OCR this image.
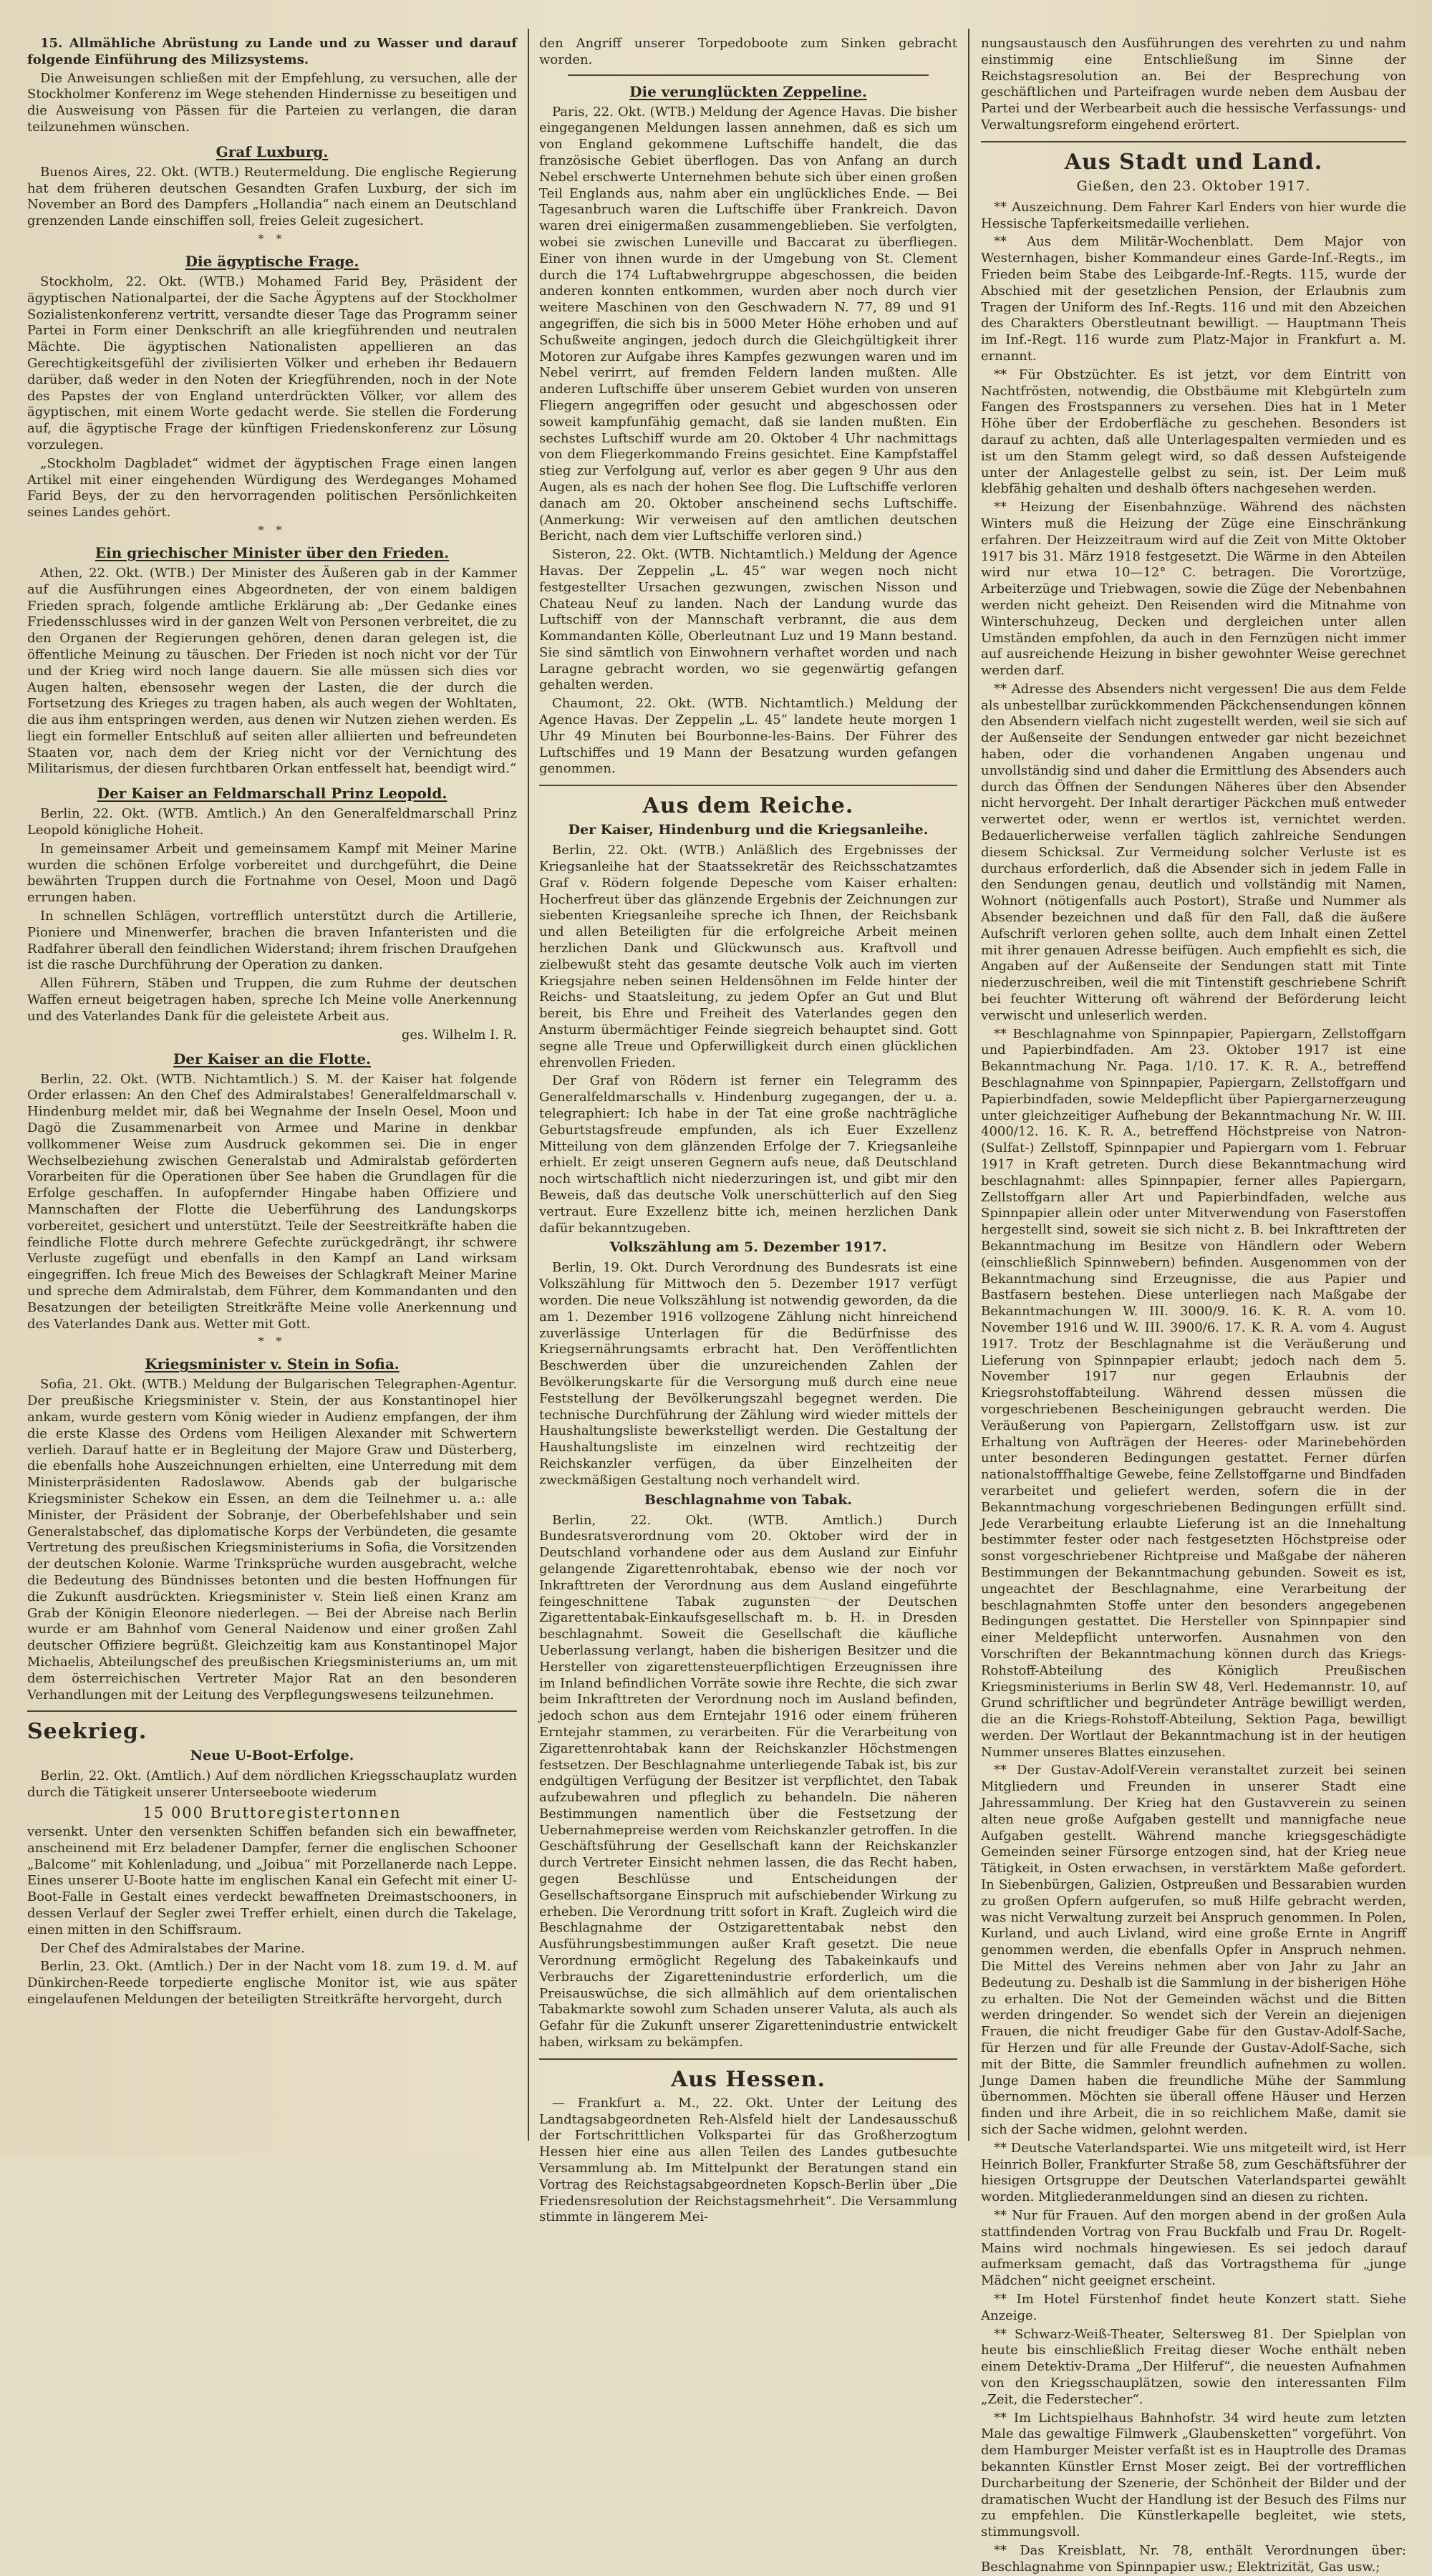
15. Allmähliche Abrüstung zu Lande und zu Wasser und darauf folgende Einführung des Milizsystems.

Die Anweisungen schließen mit der Empfehlung, zu versuchen, alle der Stockholmer Konferenz im Wege stehenden Hindernisse zu beseitigen und die Ausweisung von Pässen für die Parteien zu verlangen, die daran teilzunehmen wünschen.

Graf Luxburg.

Buenos Aires, 22. Okt. (WTB.) Reutermeldung. Die englische Regierung hat dem früheren deutschen Gesandten Grafen Luxburg, der sich im November an Bord des Dampfers „Hollandia“ nach einem an Deutschland grenzenden Lande einschiffen soll, freies Geleit zugesichert.

* *
Die ägyptische Frage.

Stockholm, 22. Okt. (WTB.) Mohamed Farid Bey, Präsident der ägyptischen Nationalpartei, der die Sache Ägyptens auf der Stockholmer Sozialistenkonferenz vertritt, versandte dieser Tage das Programm seiner Partei in Form einer Denkschrift an alle kriegführenden und neutralen Mächte. Die ägyptischen Nationalisten appellieren an das Gerechtigkeitsgefühl der zivilisierten Völker und erheben ihr Bedauern darüber, daß weder in den Noten der Kriegführenden, noch in der Note des Papstes der von England unterdrückten Völker, vor allem des ägyptischen, mit einem Worte gedacht werde. Sie stellen die Forderung auf, die ägyptische Frage der künftigen Friedenskonferenz zur Lösung vorzulegen.

„Stockholm Dagbladet“ widmet der ägyptischen Frage einen langen Artikel mit einer eingehenden Würdigung des Werdeganges Mohamed Farid Beys, der zu den hervorragenden politischen Persönlichkeiten seines Landes gehört.

* *
Ein griechischer Minister über den Frieden.

Athen, 22. Okt. (WTB.) Der Minister des Äußeren gab in der Kammer auf die Ausführungen eines Abgeordneten, der von einem baldigen Frieden sprach, folgende amtliche Erklärung ab: „Der Gedanke eines Friedensschlusses wird in der ganzen Welt von Personen verbreitet, die zu den Organen der Regierungen gehören, denen daran gelegen ist, die öffentliche Meinung zu täuschen. Der Frieden ist noch nicht vor der Tür und der Krieg wird noch lange dauern. Sie alle müssen sich dies vor Augen halten, ebensosehr wegen der Lasten, die der durch die Fortsetzung des Krieges zu tragen haben, als auch wegen der Wohltaten, die aus ihm entspringen werden, aus denen wir Nutzen ziehen werden. Es liegt ein formeller Entschluß auf seiten aller alliierten und befreundeten Staaten vor, nach dem der Krieg nicht vor der Vernichtung des Militarismus, der diesen furchtbaren Orkan entfesselt hat, beendigt wird.“

Der Kaiser an Feldmarschall Prinz Leopold.

Berlin, 22. Okt. (WTB. Amtlich.) An den Generalfeldmarschall Prinz Leopold königliche Hoheit.

In gemeinsamer Arbeit und gemeinsamem Kampf mit Meiner Marine wurden die schönen Erfolge vorbereitet und durchgeführt, die Deine bewährten Truppen durch die Fortnahme von Oesel, Moon und Dagö errungen haben.

In schnellen Schlägen, vortrefflich unterstützt durch die Artillerie, Pioniere und Minenwerfer, brachen die braven Infanteristen und die Radfahrer überall den feindlichen Widerstand; ihrem frischen Draufgehen ist die rasche Durchführung der Operation zu danken.

Allen Führern, Stäben und Truppen, die zum Ruhme der deutschen Waffen erneut beigetragen haben, spreche Ich Meine volle Anerkennung und des Vaterlandes Dank für die geleistete Arbeit aus.

ges. Wilhelm I. R.
Der Kaiser an die Flotte.

Berlin, 22. Okt. (WTB. Nichtamtlich.) S. M. der Kaiser hat folgende Order erlassen: An den Chef des Admiralstabes! Generalfeldmarschall v. Hindenburg meldet mir, daß bei Wegnahme der Inseln Oesel, Moon und Dagö die Zusammenarbeit von Armee und Marine in denkbar vollkommener Weise zum Ausdruck gekommen sei. Die in enger Wechselbeziehung zwischen Generalstab und Admiralstab geförderten Vorarbeiten für die Operationen über See haben die Grundlagen für die Erfolge geschaffen. In aufopfernder Hingabe haben Offiziere und Mannschaften der Flotte die Ueberführung des Landungskorps vorbereitet, gesichert und unterstützt. Teile der Seestreitkräfte haben die feindliche Flotte durch mehrere Gefechte zurückgedrängt, ihr schwere Verluste zugefügt und ebenfalls in den Kampf an Land wirksam eingegriffen. Ich freue Mich des Beweises der Schlagkraft Meiner Marine und spreche dem Admiralstab, dem Führer, dem Kommandanten und den Besatzungen der beteiligten Streitkräfte Meine volle Anerkennung und des Vaterlandes Dank aus. Wetter mit Gott.

* *
Kriegsminister v. Stein in Sofia.

Sofia, 21. Okt. (WTB.) Meldung der Bulgarischen Telegraphen-Agentur. Der preußische Kriegsminister v. Stein, der aus Konstantinopel hier ankam, wurde gestern vom König wieder in Audienz empfangen, der ihm die erste Klasse des Ordens vom Heiligen Alexander mit Schwertern verlieh. Darauf hatte er in Begleitung der Majore Graw und Düsterberg, die ebenfalls hohe Auszeichnungen erhielten, eine Unterredung mit dem Ministerpräsidenten Radoslawow. Abends gab der bulgarische Kriegsminister Schekow ein Essen, an dem die Teilnehmer u. a.: alle Minister, der Präsident der Sobranje, der Oberbefehlshaber und sein Generalstabschef, das diplomatische Korps der Verbündeten, die gesamte Vertretung des preußischen Kriegsministeriums in Sofia, die Vorsitzenden der deutschen Kolonie. Warme Trinksprüche wurden ausgebracht, welche die Bedeutung des Bündnisses betonten und die besten Hoffnungen für die Zukunft ausdrückten. Kriegsminister v. Stein ließ einen Kranz am Grab der Königin Eleonore niederlegen. — Bei der Abreise nach Berlin wurde er am Bahnhof vom General Naidenow und einer großen Zahl deutscher Offiziere begrüßt. Gleichzeitig kam aus Konstantinopel Major Michaelis, Abteilungschef des preußischen Kriegsministeriums an, um mit dem österreichischen Vertreter Major Rat an den besonderen Verhandlungen mit der Leitung des Verpflegungswesens teilzunehmen.

Seekrieg.
Neue U-Boot-Erfolge.

Berlin, 22. Okt. (Amtlich.) Auf dem nördlichen Kriegsschauplatz wurden durch die Tätigkeit unserer Unterseeboote wiederum

15 000 Bruttoregistertonnen

versenkt. Unter den versenkten Schiffen befanden sich ein bewaffneter, anscheinend mit Erz beladener Dampfer, ferner die englischen Schooner „Balcome“ mit Kohlenladung, und „Joibua“ mit Porzellanerde nach Leppe. Eines unserer U-Boote hatte im englischen Kanal ein Gefecht mit einer U-Boot-Falle in Gestalt eines verdeckt bewaffneten Dreimastschooners, in dessen Verlauf der Segler zwei Treffer erhielt, einen durch die Takelage, einen mitten in den Schiffsraum.

Der Chef des Admiralstabes der Marine.

Berlin, 23. Okt. (Amtlich.) Der in der Nacht vom 18. zum 19. d. M. auf Dünkirchen-Reede torpedierte englische Monitor ist, wie aus später eingelaufenen Meldungen der beteiligten Streitkräfte hervorgeht, durch

den Angriff unserer Torpedoboote zum Sinken gebracht worden.

Die verunglückten Zeppeline.

Paris, 22. Okt. (WTB.) Meldung der Agence Havas. Die bisher eingegangenen Meldungen lassen annehmen, daß es sich um von England gekommene Luftschiffe handelt, die das französische Gebiet überflogen. Das von Anfang an durch Nebel erschwerte Unternehmen behute sich über einen großen Teil Englands aus, nahm aber ein unglückliches Ende. — Bei Tagesanbruch waren die Luftschiffe über Frankreich. Davon waren drei einigermaßen zusammengeblieben. Sie verfolgten, wobei sie zwischen Luneville und Baccarat zu überfliegen. Einer von ihnen wurde in der Umgebung von St. Clement durch die 174 Luftabwehrgruppe abgeschossen, die beiden anderen konnten entkommen, wurden aber noch durch vier weitere Maschinen von den Geschwadern N. 77, 89 und 91 angegriffen, die sich bis in 5000 Meter Höhe erhoben und auf Schußweite angingen, jedoch durch die Gleichgültigkeit ihrer Motoren zur Aufgabe ihres Kampfes gezwungen waren und im Nebel verirrt, auf fremden Feldern landen mußten. Alle anderen Luftschiffe über unserem Gebiet wurden von unseren Fliegern angegriffen oder gesucht und abgeschossen oder soweit kampfunfähig gemacht, daß sie landen mußten. Ein sechstes Luftschiff wurde am 20. Oktober 4 Uhr nachmittags von dem Fliegerkommando Freins gesichtet. Eine Kampfstaffel stieg zur Verfolgung auf, verlor es aber gegen 9 Uhr aus den Augen, als es nach der hohen See flog. Die Luftschiffe verloren danach am 20. Oktober anscheinend sechs Luftschiffe. (Anmerkung: Wir verweisen auf den amtlichen deutschen Bericht, nach dem vier Luftschiffe verloren sind.)

Sisteron, 22. Okt. (WTB. Nichtamtlich.) Meldung der Agence Havas. Der Zeppelin „L. 45“ war wegen noch nicht festgestellter Ursachen gezwungen, zwischen Nisson und Chateau Neuf zu landen. Nach der Landung wurde das Luftschiff von der Mannschaft verbrannt, die aus dem Kommandanten Kölle, Oberleutnant Luz und 19 Mann bestand. Sie sind sämtlich von Einwohnern verhaftet worden und nach Laragne gebracht worden, wo sie gegenwärtig gefangen gehalten werden.

Chaumont, 22. Okt. (WTB. Nichtamtlich.) Meldung der Agence Havas. Der Zeppelin „L. 45“ landete heute morgen 1 Uhr 49 Minuten bei Bourbonne-les-Bains. Der Führer des Luftschiffes und 19 Mann der Besatzung wurden gefangen genommen.

Aus dem Reiche.
Der Kaiser, Hindenburg und die Kriegsanleihe.

Berlin, 22. Okt. (WTB.) Anläßlich des Ergebnisses der Kriegsanleihe hat der Staatssekretär des Reichsschatzamtes Graf v. Rödern folgende Depesche vom Kaiser erhalten: Hocherfreut über das glänzende Ergebnis der Zeichnungen zur siebenten Kriegsanleihe spreche ich Ihnen, der Reichsbank und allen Beteiligten für die erfolgreiche Arbeit meinen herzlichen Dank und Glückwunsch aus. Kraftvoll und zielbewußt steht das gesamte deutsche Volk auch im vierten Kriegsjahre neben seinen Heldensöhnen im Felde hinter der Reichs- und Staatsleitung, zu jedem Opfer an Gut und Blut bereit, bis Ehre und Freiheit des Vaterlandes gegen den Ansturm übermächtiger Feinde siegreich behauptet sind. Gott segne alle Treue und Opferwilligkeit durch einen glücklichen ehrenvollen Frieden.

Der Graf von Rödern ist ferner ein Telegramm des Generalfeldmarschalls v. Hindenburg zugegangen, der u. a. telegraphiert: Ich habe in der Tat eine große nachträgliche Geburtstagsfreude empfunden, als ich Euer Exzellenz Mitteilung von dem glänzenden Erfolge der 7. Kriegsanleihe erhielt. Er zeigt unseren Gegnern aufs neue, daß Deutschland noch wirtschaftlich nicht niederzuringen ist, und gibt mir den Beweis, daß das deutsche Volk unerschütterlich auf den Sieg vertraut. Eure Exzellenz bitte ich, meinen herzlichen Dank dafür bekanntzugeben.

Volkszählung am 5. Dezember 1917.

Berlin, 19. Okt. Durch Verordnung des Bundesrats ist eine Volkszählung für Mittwoch den 5. Dezember 1917 verfügt worden. Die neue Volkszählung ist notwendig geworden, da die am 1. Dezember 1916 vollzogene Zählung nicht hinreichend zuverlässige Unterlagen für die Bedürfnisse des Kriegsernährungsamts erbracht hat. Den Veröffentlichten Beschwerden über die unzureichenden Zahlen der Bevölkerungskarte für die Versorgung muß durch eine neue Feststellung der Bevölkerungszahl begegnet werden. Die technische Durchführung der Zählung wird wieder mittels der Haushaltungsliste bewerkstelligt werden. Die Gestaltung der Haushaltungsliste im einzelnen wird rechtzeitig der Reichskanzler verfügen, da über Einzelheiten der zweckmäßigen Gestaltung noch verhandelt wird.

Beschlagnahme von Tabak.

Berlin, 22. Okt. (WTB. Amtlich.) Durch Bundesratsverordnung vom 20. Oktober wird der in Deutschland vorhandene oder aus dem Ausland zur Einfuhr gelangende Zigarettenrohtabak, ebenso wie der noch vor Inkrafttreten der Verordnung aus dem Ausland eingeführte feingeschnittene Tabak zugunsten der Deutschen Zigarettentabak-Einkaufsgesellschaft m. b. H. in Dresden beschlagnahmt. Soweit die Gesellschaft die käufliche Ueberlassung verlangt, haben die bisherigen Besitzer und die Hersteller von zigarettensteuerpflichtigen Erzeugnissen ihre im Inland befindlichen Vorräte sowie ihre Rechte, die sich zwar beim Inkrafttreten der Verordnung noch im Ausland befinden, jedoch schon aus dem Erntejahr 1916 oder einem früheren Erntejahr stammen, zu verarbeiten. Für die Verarbeitung von Zigarettenrohtabak kann der Reichskanzler Höchstmengen festsetzen. Der Beschlagnahme unterliegende Tabak ist, bis zur endgültigen Verfügung der Besitzer ist verpflichtet, den Tabak aufzubewahren und pfleglich zu behandeln. Die näheren Bestimmungen namentlich über die Festsetzung der Uebernahmepreise werden vom Reichskanzler getroffen. In die Geschäftsführung der Gesellschaft kann der Reichskanzler durch Vertreter Einsicht nehmen lassen, die das Recht haben, gegen Beschlüsse und Entscheidungen der Gesellschaftsorgane Einspruch mit aufschiebender Wirkung zu erheben. Die Verordnung tritt sofort in Kraft. Zugleich wird die Beschlagnahme der Ostzigarettentabak nebst den Ausführungsbestimmungen außer Kraft gesetzt. Die neue Verordnung ermöglicht Regelung des Tabakeinkaufs und Verbrauchs der Zigarettenindustrie erforderlich, um die Preisauswüchse, die sich allmählich auf dem orientalischen Tabakmarkte sowohl zum Schaden unserer Valuta, als auch als Gefahr für die Zukunft unserer Zigarettenindustrie entwickelt haben, wirksam zu bekämpfen.

Aus Hessen.

— Frankfurt a. M., 22. Okt. Unter der Leitung des Landtagsabgeordneten Reh-Alsfeld hielt der Landesausschuß der Fortschrittlichen Volkspartei für das Großherzogtum Hessen hier eine aus allen Teilen des Landes gutbesuchte Versammlung ab. Im Mittelpunkt der Beratungen stand ein Vortrag des Reichstagsabgeordneten Kopsch-Berlin über „Die Friedensresolution der Reichstagsmehrheit“. Die Versammlung stimmte in längerem Mei-

nungsaustausch den Ausführungen des verehrten zu und nahm einstimmig eine Entschließung im Sinne der Reichstagsresolution an. Bei der Besprechung von geschäftlichen und Parteifragen wurde neben dem Ausbau der Partei und der Werbearbeit auch die hessische Verfassungs- und Verwaltungsreform eingehend erörtert.

Aus Stadt und Land.
Gießen, den 23. Oktober 1917.

** Auszeichnung. Dem Fahrer Karl Enders von hier wurde die Hessische Tapferkeitsmedaille verliehen.

** Aus dem Militär-Wochenblatt. Dem Major von Westernhagen, bisher Kommandeur eines Garde-Inf.-Regts., im Frieden beim Stabe des Leibgarde-Inf.-Regts. 115, wurde der Abschied mit der gesetzlichen Pension, der Erlaubnis zum Tragen der Uniform des Inf.-Regts. 116 und mit den Abzeichen des Charakters Oberstleutnant bewilligt. — Hauptmann Theis im Inf.-Regt. 116 wurde zum Platz-Major in Frankfurt a. M. ernannt.

** Für Obstzüchter. Es ist jetzt, vor dem Eintritt von Nachtfrösten, notwendig, die Obstbäume mit Klebgürteln zum Fangen des Frostspanners zu versehen. Dies hat in 1 Meter Höhe über der Erdoberfläche zu geschehen. Besonders ist darauf zu achten, daß alle Unterlagespalten vermieden und es ist um den Stamm gelegt wird, so daß dessen Aufsteigende unter der Anlagestelle gelbst zu sein, ist. Der Leim muß klebfähig gehalten und deshalb öfters nachgesehen werden.

** Heizung der Eisenbahnzüge. Während des nächsten Winters muß die Heizung der Züge eine Einschränkung erfahren. Der Heizzeitraum wird auf die Zeit von Mitte Oktober 1917 bis 31. März 1918 festgesetzt. Die Wärme in den Abteilen wird nur etwa 10—12° C. betragen. Die Vorortzüge, Arbeiterzüge und Triebwagen, sowie die Züge der Nebenbahnen werden nicht geheizt. Den Reisenden wird die Mitnahme von Winterschuhzeug, Decken und dergleichen unter allen Umständen empfohlen, da auch in den Fernzügen nicht immer auf ausreichende Heizung in bisher gewohnter Weise gerechnet werden darf.

** Adresse des Absenders nicht vergessen! Die aus dem Felde als unbestellbar zurückkommenden Päckchensendungen können den Absendern vielfach nicht zugestellt werden, weil sie sich auf der Außenseite der Sendungen entweder gar nicht bezeichnet haben, oder die vorhandenen Angaben ungenau und unvollständig sind und daher die Ermittlung des Absenders auch durch das Öffnen der Sendungen Näheres über den Absender nicht hervorgeht. Der Inhalt derartiger Päckchen muß entweder verwertet oder, wenn er wertlos ist, vernichtet werden. Bedauerlicherweise verfallen täglich zahlreiche Sendungen diesem Schicksal. Zur Vermeidung solcher Verluste ist es durchaus erforderlich, daß die Absender sich in jedem Falle in den Sendungen genau, deutlich und vollständig mit Namen, Wohnort (nötigenfalls auch Postort), Straße und Nummer als Absender bezeichnen und daß für den Fall, daß die äußere Aufschrift verloren gehen sollte, auch dem Inhalt einen Zettel mit ihrer genauen Adresse beifügen. Auch empfiehlt es sich, die Angaben auf der Außenseite der Sendungen statt mit Tinte niederzuschreiben, weil die mit Tintenstift geschriebene Schrift bei feuchter Witterung oft während der Beförderung leicht verwischt und unleserlich werden.

** Beschlagnahme von Spinnpapier, Papiergarn, Zellstoffgarn und Papierbindfaden. Am 23. Oktober 1917 ist eine Bekanntmachung Nr. Paga. 1/10. 17. K. R. A., betreffend Beschlagnahme von Spinnpapier, Papiergarn, Zellstoffgarn und Papierbindfaden, sowie Meldepflicht über Papiergarnerzeugung unter gleichzeitiger Aufhebung der Bekanntmachung Nr. W. III. 4000/12. 16. K. R. A., betreffend Höchstpreise von Natron- (Sulfat-) Zellstoff, Spinnpapier und Papiergarn vom 1. Februar 1917 in Kraft getreten. Durch diese Bekanntmachung wird beschlagnahmt: alles Spinnpapier, ferner alles Papiergarn, Zellstoffgarn aller Art und Papierbindfaden, welche aus Spinnpapier allein oder unter Mitverwendung von Faserstoffen hergestellt sind, soweit sie sich nicht z. B. bei Inkrafttreten der Bekanntmachung im Besitze von Händlern oder Webern (einschließlich Spinnwebern) befinden. Ausgenommen von der Bekanntmachung sind Erzeugnisse, die aus Papier und Bastfasern bestehen. Diese unterliegen nach Maßgabe der Bekanntmachungen W. III. 3000/9. 16. K. R. A. vom 10. November 1916 und W. III. 3900/6. 17. K. R. A. vom 4. August 1917. Trotz der Beschlagnahme ist die Veräußerung und Lieferung von Spinnpapier erlaubt; jedoch nach dem 5. November 1917 nur gegen Erlaubnis der Kriegsrohstoffabteilung. Während dessen müssen die vorgeschriebenen Bescheinigungen gebraucht werden. Die Veräußerung von Papiergarn, Zellstoffgarn usw. ist zur Erhaltung von Aufträgen der Heeres- oder Marinebehörden unter besonderen Bedingungen gestattet. Ferner dürfen nationalstofffhaltige Gewebe, feine Zellstoffgarne und Bindfaden verarbeitet und geliefert werden, sofern die in der Bekanntmachung vorgeschriebenen Bedingungen erfüllt sind. Jede Verarbeitung erlaubte Lieferung ist an die Innehaltung bestimmter fester oder nach festgesetzten Höchstpreise oder sonst vorgeschriebener Richtpreise und Maßgabe der näheren Bestimmungen der Bekanntmachung gebunden. Soweit es ist, ungeachtet der Beschlagnahme, eine Verarbeitung der beschlagnahmten Stoffe unter den besonders angegebenen Bedingungen gestattet. Die Hersteller von Spinnpapier sind einer Meldepflicht unterworfen. Ausnahmen von den Vorschriften der Bekanntmachung können durch das Kriegs-Rohstoff-Abteilung des Königlich Preußischen Kriegsministeriums in Berlin SW 48, Verl. Hedemannstr. 10, auf Grund schriftlicher und begründeter Anträge bewilligt werden, die an die Kriegs-Rohstoff-Abteilung, Sektion Paga, bewilligt werden. Der Wortlaut der Bekanntmachung ist in der heutigen Nummer unseres Blattes einzusehen.

** Der Gustav-Adolf-Verein veranstaltet zurzeit bei seinen Mitgliedern und Freunden in unserer Stadt eine Jahressammlung. Der Krieg hat den Gustavverein zu seinen alten neue große Aufgaben gestellt und mannigfache neue Aufgaben gestellt. Während manche kriegsgeschädigte Gemeinden seiner Fürsorge entzogen sind, hat der Krieg neue Tätigkeit, in Osten erwachsen, in verstärktem Maße gefordert. In Siebenbürgen, Galizien, Ostpreußen und Bessarabien wurden zu großen Opfern aufgerufen, so muß Hilfe gebracht werden, was nicht Verwaltung zurzeit bei Anspruch genommen. In Polen, Kurland, und auch Livland, wird eine große Ernte in Angriff genommen werden, die ebenfalls Opfer in Anspruch nehmen. Die Mittel des Vereins nehmen aber von Jahr zu Jahr an Bedeutung zu. Deshalb ist die Sammlung in der bisherigen Höhe zu erhalten. Die Not der Gemeinden wächst und die Bitten werden dringender. So wendet sich der Verein an diejenigen Frauen, die nicht freudiger Gabe für den Gustav-Adolf-Sache, für Herzen und für alle Freunde der Gustav-Adolf-Sache, sich mit der Bitte, die Sammler freundlich aufnehmen zu wollen. Junge Damen haben die freundliche Mühe der Sammlung übernommen. Möchten sie überall offene Häuser und Herzen finden und ihre Arbeit, die in so reichlichem Maße, damit sie sich der Sache widmen, gelohnt werden.

** Deutsche Vaterlandspartei. Wie uns mitgeteilt wird, ist Herr Heinrich Boller, Frankfurter Straße 58, zum Geschäftsführer der hiesigen Ortsgruppe der Deutschen Vaterlandspartei gewählt worden. Mitgliederanmeldungen sind an diesen zu richten.

** Nur für Frauen. Auf den morgen abend in der großen Aula stattfindenden Vortrag von Frau Buckfalb und Frau Dr. Rogelt-Mains wird nochmals hingewiesen. Es sei jedoch darauf aufmerksam gemacht, daß das Vortragsthema für „junge Mädchen“ nicht geeignet erscheint.

** Im Hotel Fürstenhof findet heute Konzert statt. Siehe Anzeige.

** Schwarz-Weiß-Theater, Seltersweg 81. Der Spielplan von heute bis einschließlich Freitag dieser Woche enthält neben einem Detektiv-Drama „Der Hilferuf“, die neuesten Aufnahmen von den Kriegsschauplätzen, sowie den interessanten Film „Zeit, die Federstecher“.

** Im Lichtspielhaus Bahnhofstr. 34 wird heute zum letzten Male das gewaltige Filmwerk „Glaubensketten“ vorgeführt. Von dem Hamburger Meister verfaßt ist es in Hauptrolle des Dramas bekannten Künstler Ernst Moser zeigt. Bei der vortrefflichen Durcharbeitung der Szenerie, der Schönheit der Bilder und der dramatischen Wucht der Handlung ist der Besuch des Films nur zu empfehlen. Die Künstlerkapelle begleitet, wie stets, stimmungsvoll.

** Das Kreisblatt, Nr. 78, enthält Verordnungen über: Beschlagnahme von Spinnpapier usw.; Elektrizität, Gas usw.;
